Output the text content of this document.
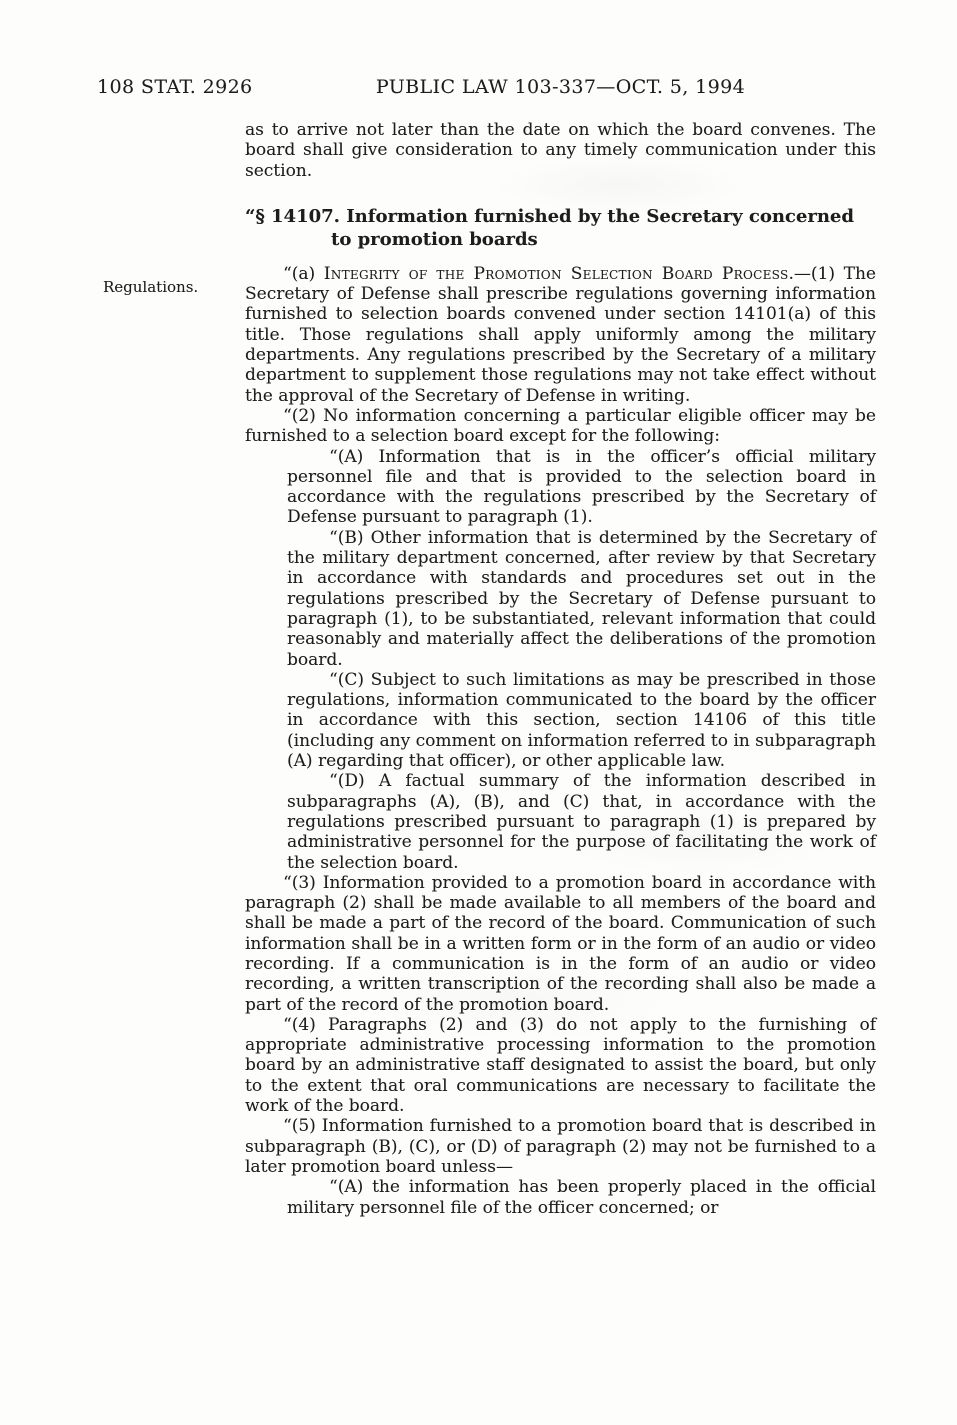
108 STAT. 2926	PUBLIC LAW 103-337—OCT. 5, 1994
Regulations.

as to arrive not later than the date on which the board convenes. The board shall give consideration to any timely communication under this section.

“§ 14107. Information furnished by the Secretary concerned
to promotion boards

“(a) Integrity of the Promotion Selection Board Process.—(1) The Secretary of Defense shall prescribe regulations governing information furnished to selection boards convened under section 14101(a) of this title. Those regulations shall apply uniformly among the military departments. Any regulations prescribed by the Secretary of a military department to supplement those regulations may not take effect without the approval of the Secretary of Defense in writing.

“(2) No information concerning a particular eligible officer may be furnished to a selection board except for the following:

“(A) Information that is in the officer’s official military personnel file and that is provided to the selection board in accordance with the regulations prescribed by the Secretary of Defense pursuant to paragraph (1).

“(B) Other information that is determined by the Secretary of the military department concerned, after review by that Secretary in accordance with standards and procedures set out in the regulations prescribed by the Secretary of Defense pursuant to paragraph (1), to be substantiated, relevant information that could reasonably and materially affect the deliberations of the promotion board.

“(C) Subject to such limitations as may be prescribed in those regulations, information communicated to the board by the officer in accordance with this section, section 14106 of this title (including any comment on information referred to in subparagraph (A) regarding that officer), or other applicable law.

“(D) A factual summary of the information described in subparagraphs (A), (B), and (C) that, in accordance with the regulations prescribed pursuant to paragraph (1) is prepared by administrative personnel for the purpose of facilitating the work of the selection board.

“(3) Information provided to a promotion board in accordance with paragraph (2) shall be made available to all members of the board and shall be made a part of the record of the board. Communication of such information shall be in a written form or in the form of an audio or video recording. If a communication is in the form of an audio or video recording, a written transcription of the recording shall also be made a part of the record of the promotion board.

“(4) Paragraphs (2) and (3) do not apply to the furnishing of appropriate administrative processing information to the promotion board by an administrative staff designated to assist the board, but only to the extent that oral communications are necessary to facilitate the work of the board.

“(5) Information furnished to a promotion board that is described in subparagraph (B), (C), or (D) of paragraph (2) may not be furnished to a later promotion board unless—

“(A) the information has been properly placed in the official military personnel file of the officer concerned; or
